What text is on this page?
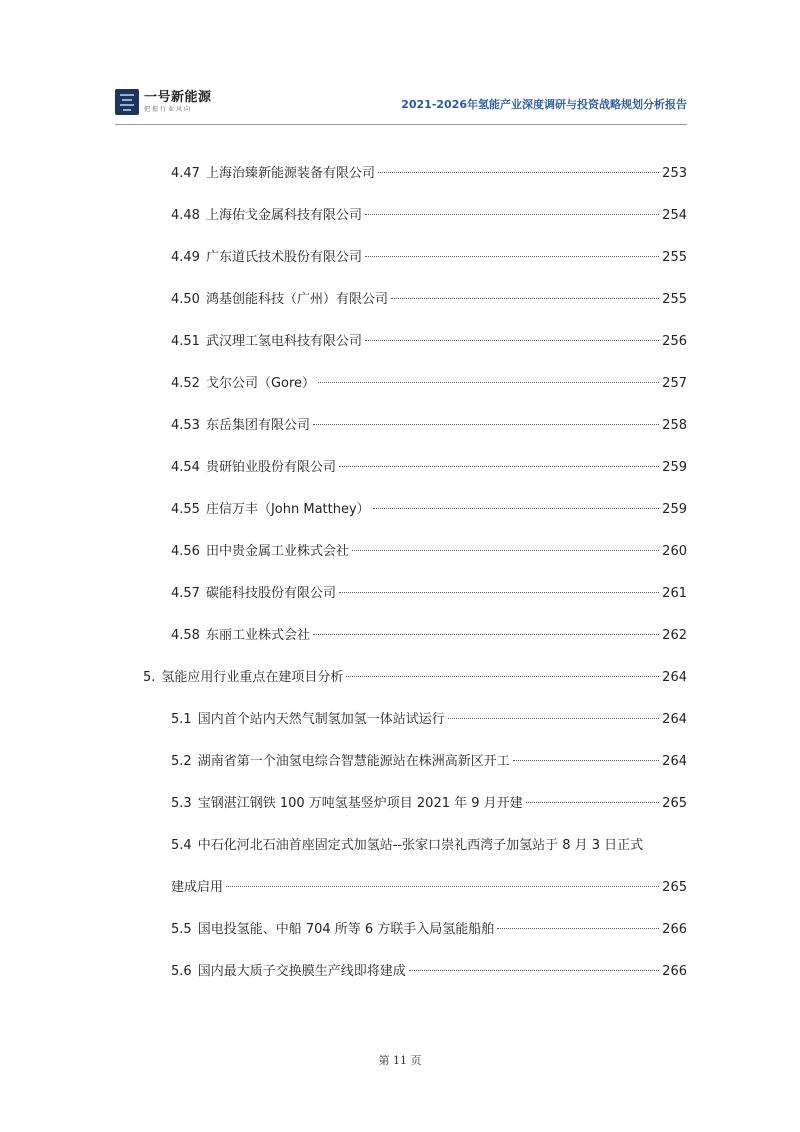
一号新能源
把握行业风向	2021-2026年氢能产业深度调研与投资战略规划分析报告
4.47 上海治臻新能源装备有限公司	253
4.48 上海佑戈金属科技有限公司	254
4.49 广东道氏技术股份有限公司	255
4.50 鸿基创能科技（广州）有限公司	255
4.51 武汉理工氢电科技有限公司	256
4.52 戈尔公司（Gore）	257
4.53 东岳集团有限公司	258
4.54 贵研铂业股份有限公司	259
4.55 庄信万丰（John Matthey）	259
4.56 田中贵金属工业株式会社	260
4.57 碳能科技股份有限公司	261
4.58 东丽工业株式会社	262
5. 氢能应用行业重点在建项目分析	264
5.1 国内首个站内天然气制氢加氢一体站试运行	264
5.2 湖南省第一个油氢电综合智慧能源站在株洲高新区开工	264
5.3 宝钢湛江钢铁 100 万吨氢基竖炉项目 2021 年 9 月开建	265
5.4 中石化河北石油首座固定式加氢站--张家口崇礼西湾子加氢站于 8 月 3 日正式
建成启用	265
5.5 国电投氢能、中船 704 所等 6 方联手入局氢能船舶	266
5.6 国内最大质子交换膜生产线即将建成	266
第 11 页
